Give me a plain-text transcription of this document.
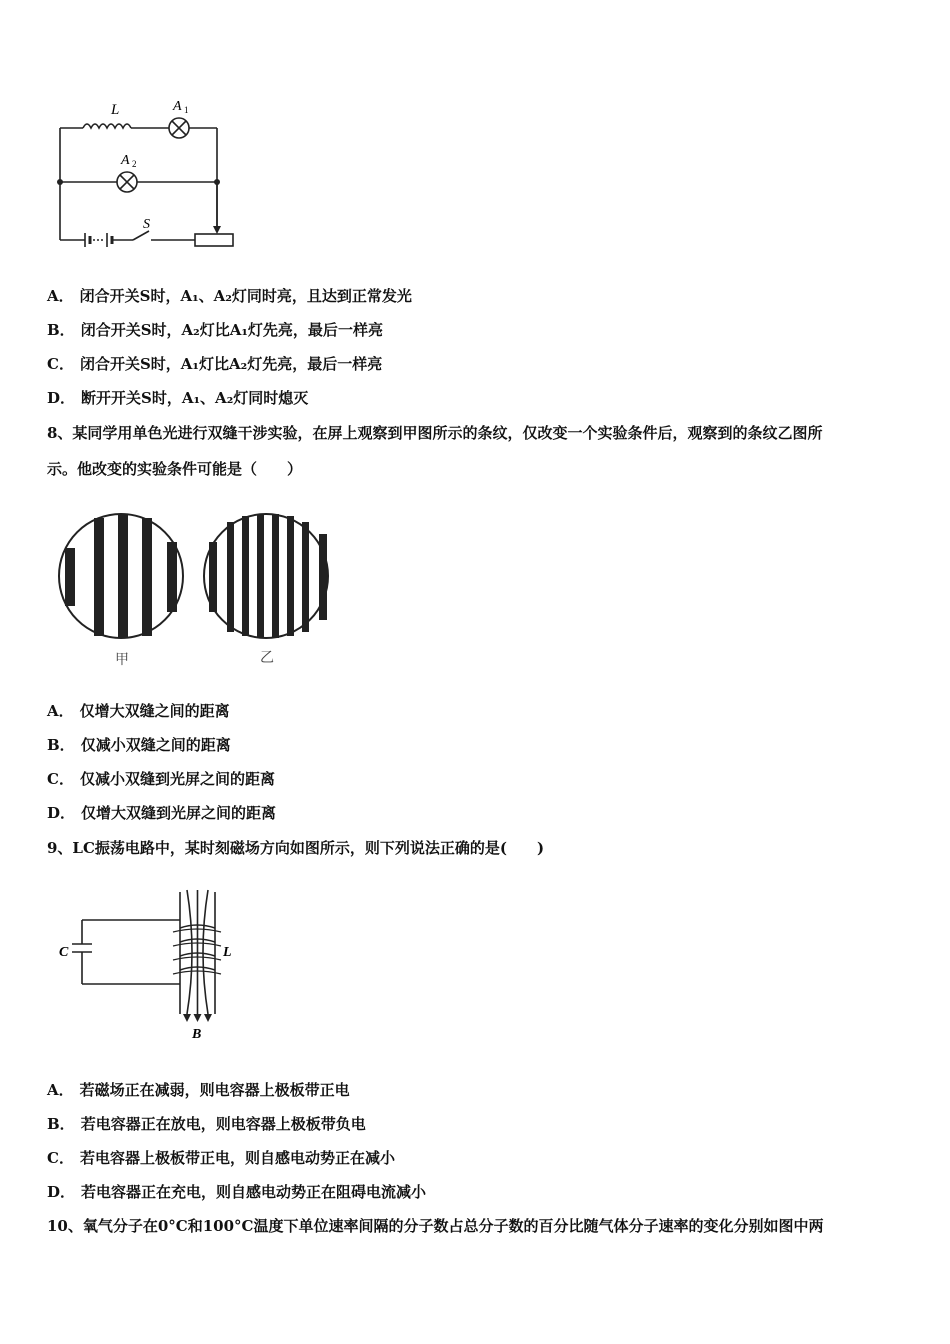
L	A 1
A 2
S
A． 闭合开关S时，A₁、A₂灯同时亮，且达到正常发光
B． 闭合开关S时，A₂灯比A₁灯先亮，最后一样亮
C． 闭合开关S时，A₁灯比A₂灯先亮，最后一样亮
D． 断开开关S时，A₁、A₂灯同时熄灭
8、某同学用单色光进行双缝干涉实验，在屏上观察到甲图所示的条纹，仅改变一个实验条件后，观察到的条纹乙图所
示。他改变的实验条件可能是（　　）
甲	乙
A． 仅增大双缝之间的距离
B． 仅减小双缝之间的距离
C． 仅减小双缝到光屏之间的距离
D． 仅增大双缝到光屏之间的距离
9、LC振荡电路中，某时刻磁场方向如图所示，则下列说法正确的是(　　)
C	L
B
A． 若磁场正在减弱，则电容器上极板带正电
B． 若电容器正在放电，则电容器上极板带负电
C． 若电容器上极板带正电，则自感电动势正在减小
D． 若电容器正在充电，则自感电动势正在阻碍电流减小
10、氧气分子在0°C和100°C温度下单位速率间隔的分子数占总分子数的百分比随气体分子速率的变化分别如图中两
